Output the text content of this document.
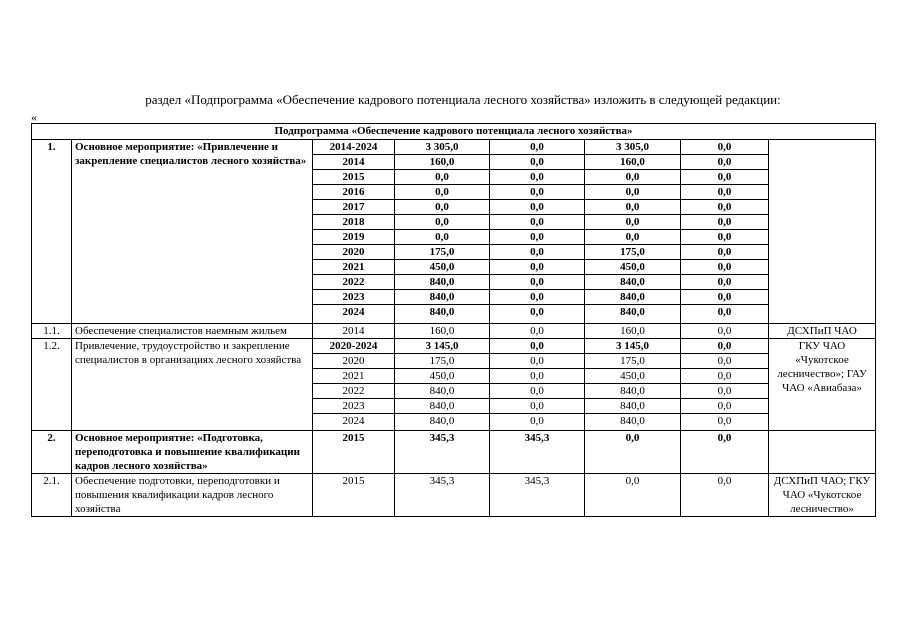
раздел «Подпрограмма «Обеспечение кадрового потенциала лесного хозяйства» изложить в следующей редакции:
«
Подпрограмма «Обеспечение кадрового потенциала лесного хозяйства»							
1.	Основное мероприятие: «Привлечение и закрепление специалистов лесного хозяйства»	2014-2024	3 305,0	0,0	3 305,0	0,0	
		2014	160,0	0,0	160,0	0,0	
		2015	0,0	0,0	0,0	0,0	
		2016	0,0	0,0	0,0	0,0	
		2017	0,0	0,0	0,0	0,0	
		2018	0,0	0,0	0,0	0,0	
		2019	0,0	0,0	0,0	0,0	
		2020	175,0	0,0	175,0	0,0	
		2021	450,0	0,0	450,0	0,0	
		2022	840,0	0,0	840,0	0,0	
		2023	840,0	0,0	840,0	0,0	
		2024	840,0	0,0	840,0	0,0	
1.1.	Обеспечение специалистов наемным жильем	2014	160,0	0,0	160,0	0,0	ДСХПиП ЧАО
1.2.	Привлечение, трудоустройство и закрепление специалистов в организациях лесного хозяйства	2020-2024	3 145,0	0,0	3 145,0	0,0	ГКУ ЧАО «Чукотское лесничество»; ГАУ ЧАО «Авиабаза»
		2020	175,0	0,0	175,0	0,0	
		2021	450,0	0,0	450,0	0,0	
		2022	840,0	0,0	840,0	0,0	
		2023	840,0	0,0	840,0	0,0	
		2024	840,0	0,0	840,0	0,0	
2.	Основное мероприятие: «Подготовка, переподготовка и повышение квалификации кадров лесного хозяйства»	2015	345,3	345,3	0,0	0,0	
2.1.	Обеспечение подготовки, переподготовки и повышения квалификации кадров лесного хозяйства	2015	345,3	345,3	0,0	0,0	ДСХПиП ЧАО; ГКУ ЧАО «Чукотское лесничество»
